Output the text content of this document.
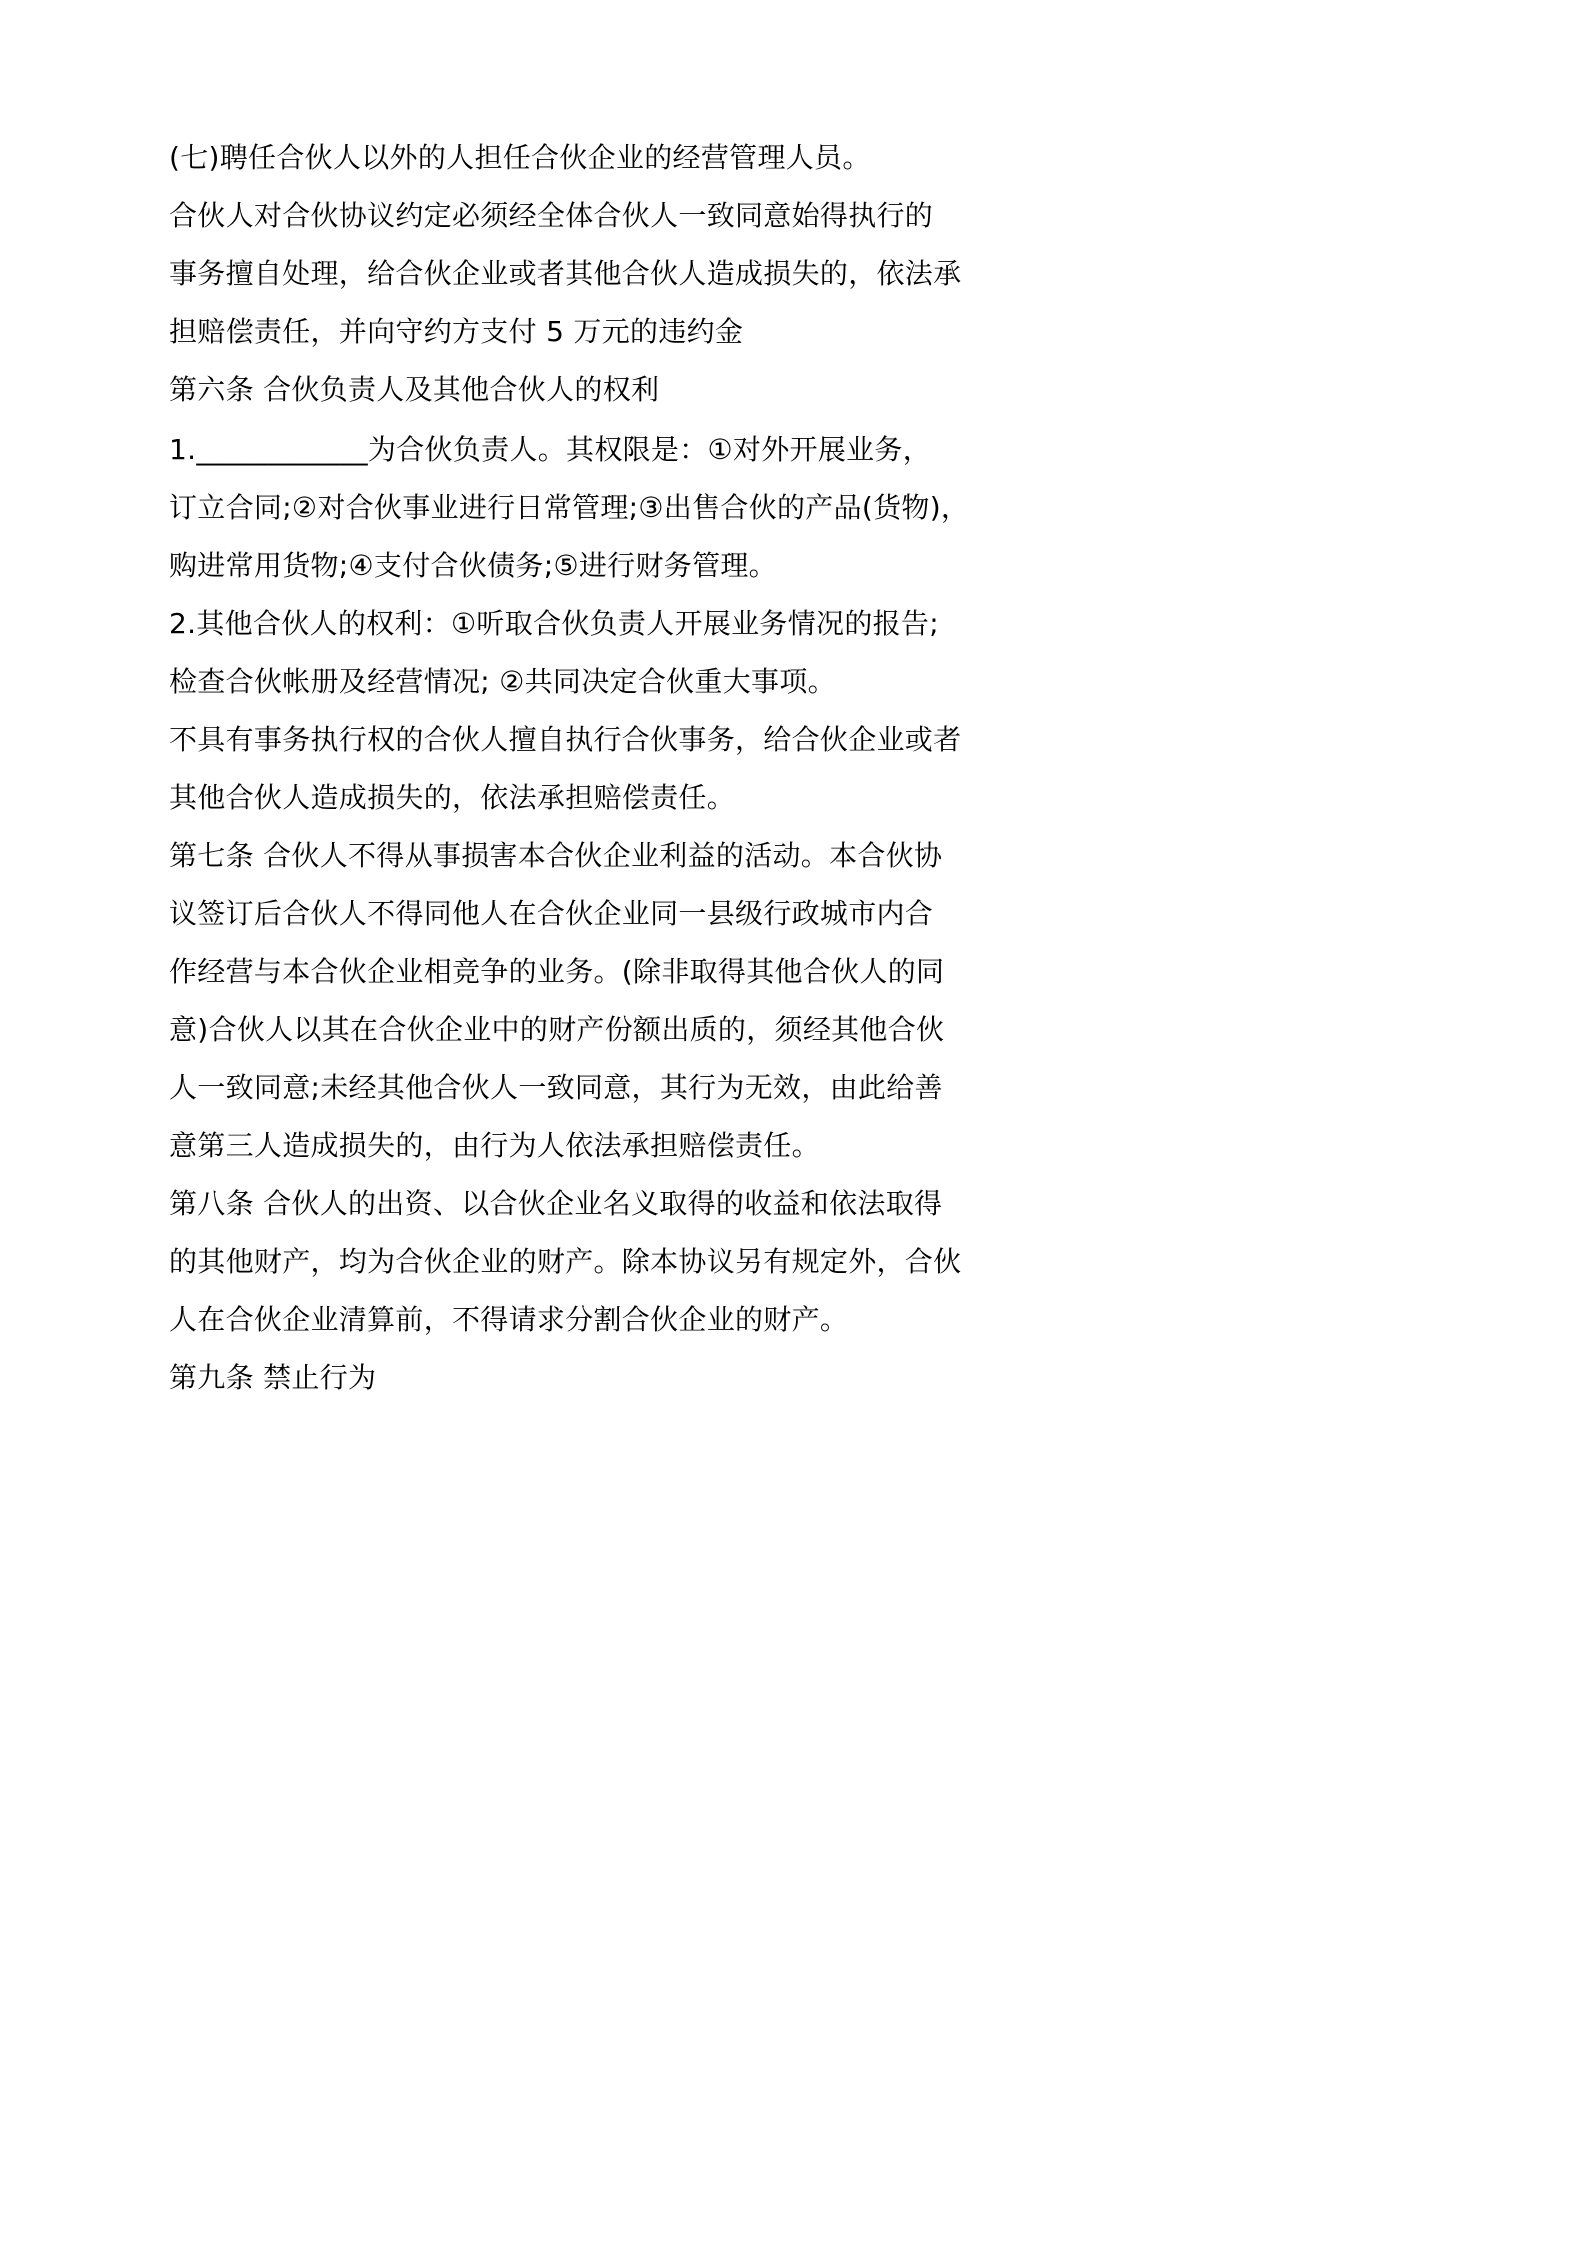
(七)聘任合伙人以外的人担任合伙企业的经营管理人员。
合伙人对合伙协议约定必须经全体合伙人一致同意始得执行的
事务擅自处理，给合伙企业或者其他合伙人造成损失的，依法承
担赔偿责任，并向守约方支付 5 万元的违约金
第六条 合伙负责人及其他合伙人的权利
1.____________为合伙负责人。其权限是：①对外开展业务，
订立合同;②对合伙事业进行日常管理;③出售合伙的产品(货物)，
购进常用货物;④支付合伙债务;⑤进行财务管理。
2.其他合伙人的权利：①听取合伙负责人开展业务情况的报告;
检查合伙帐册及经营情况; ②共同决定合伙重大事项。
不具有事务执行权的合伙人擅自执行合伙事务，给合伙企业或者
其他合伙人造成损失的，依法承担赔偿责任。
第七条 合伙人不得从事损害本合伙企业利益的活动。本合伙协
议签订后合伙人不得同他人在合伙企业同一县级行政城市内合
作经营与本合伙企业相竞争的业务。(除非取得其他合伙人的同
意)合伙人以其在合伙企业中的财产份额出质的，须经其他合伙
人一致同意;未经其他合伙人一致同意，其行为无效，由此给善
意第三人造成损失的，由行为人依法承担赔偿责任。
第八条 合伙人的出资、以合伙企业名义取得的收益和依法取得
的其他财产，均为合伙企业的财产。除本协议另有规定外，合伙
人在合伙企业清算前，不得请求分割合伙企业的财产。
第九条 禁止行为
